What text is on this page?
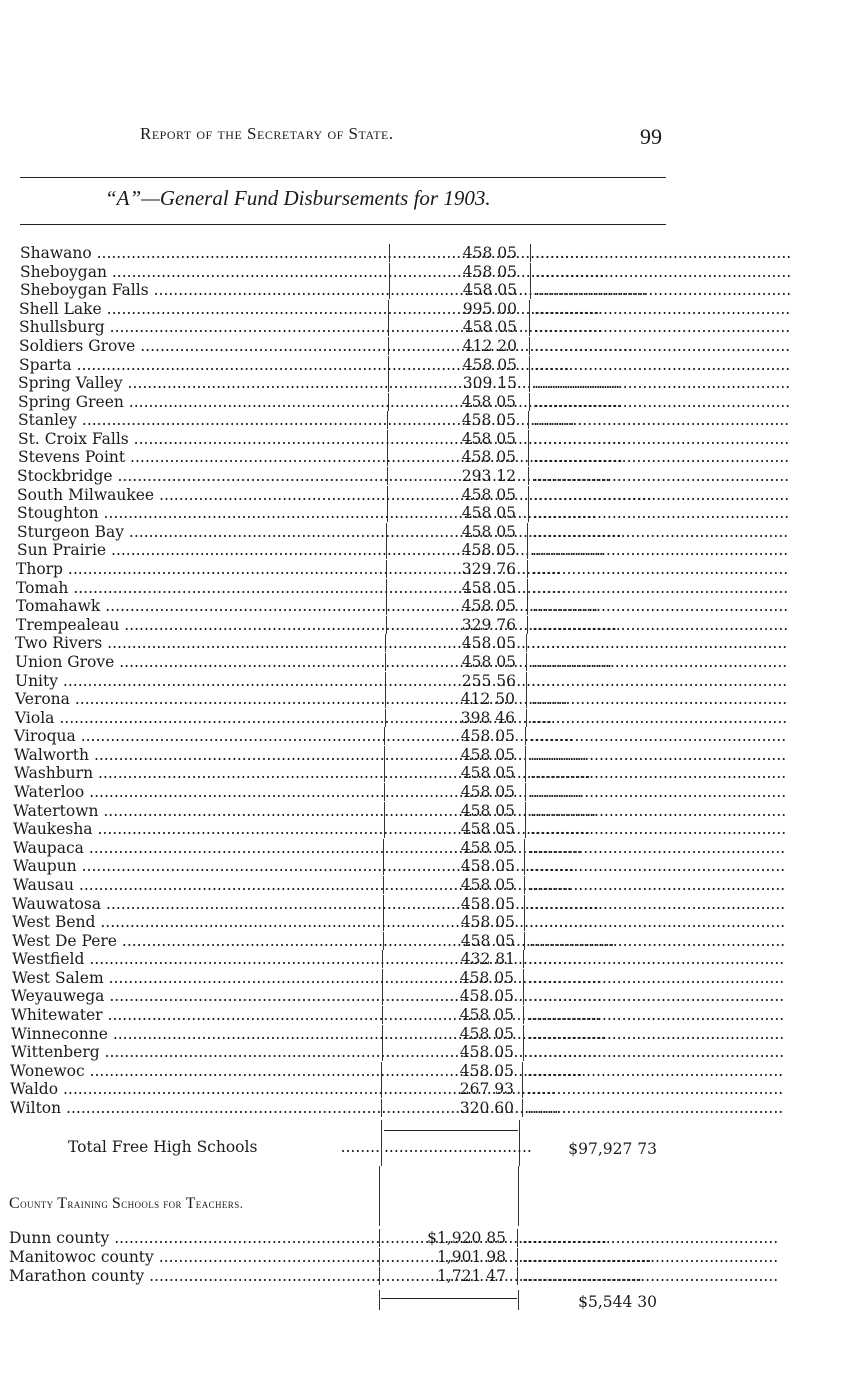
Report of the Secretary of State.	99
“A”—General Fund Disbursements for 1903.
Shawano .....	458 05
.....
Sheboygan .....	458 05
.....
Sheboygan Falls .....	458 05
.....
Shell Lake .....	995 00
.....
Shullsburg .....	458 05
.....
Soldiers Grove .....	412 20
.....
Sparta .....	458 05
.....
Spring Valley .....	309 15
.....
Spring Green .....	458 05
.....
Stanley .....	458 05
.....
St. Croix Falls .....	458 05
.....
Stevens Point .....	458 05
.....
Stockbridge .....	293 12
.....
South Milwaukee .....	458 05
.....
Stoughton .....	458 05
.....
Sturgeon Bay .....	458 05
.....
Sun Prairie .....	458 05
.....
Thorp .....	329 76
.....
Tomah .....	458 05
.....
Tomahawk .....	458 05
.....
Trempealeau .....	329 76
.....
Two Rivers .....	458 05
.....
Union Grove .....	458 05
.....
Unity .....	255 56
.....
Verona .....	412 50
.....
Viola .....	398 46
.....
Viroqua .....	458 05
.....
Walworth .....	458 05
.....
Washburn .....	458 05
.....
Waterloo .....	458 05
.....
Watertown .....	458 05
.....
Waukesha .....	458 05
.....
Waupaca .....	458 05
.....
Waupun .....	458 05
.....
Wausau .....	458 05
.....
Wauwatosa .....	458 05
.....
West Bend .....	458 05
.....
West De Pere .....	458 05
.....
Westfield .....	432 81
.....
West Salem .....	458 05
.....
Weyauwega .....	458 05
.....
Whitewater .....	458 05
.....
Winneconne .....	458 05
.....
Wittenberg .....	458 05
.....
Wonewoc .....	458 05
.....
Waldo .....	267 93
.....
Wilton .....	320 60
.....
Total Free High Schools	........ ..............................	$97,927 73
County Training Schools for Teachers.
Dunn county .....	$1,920 85
.....
Manitowoc county .....	1,901 98
.....
Marathon county .....	1,721 47
.....
$5,544 30
